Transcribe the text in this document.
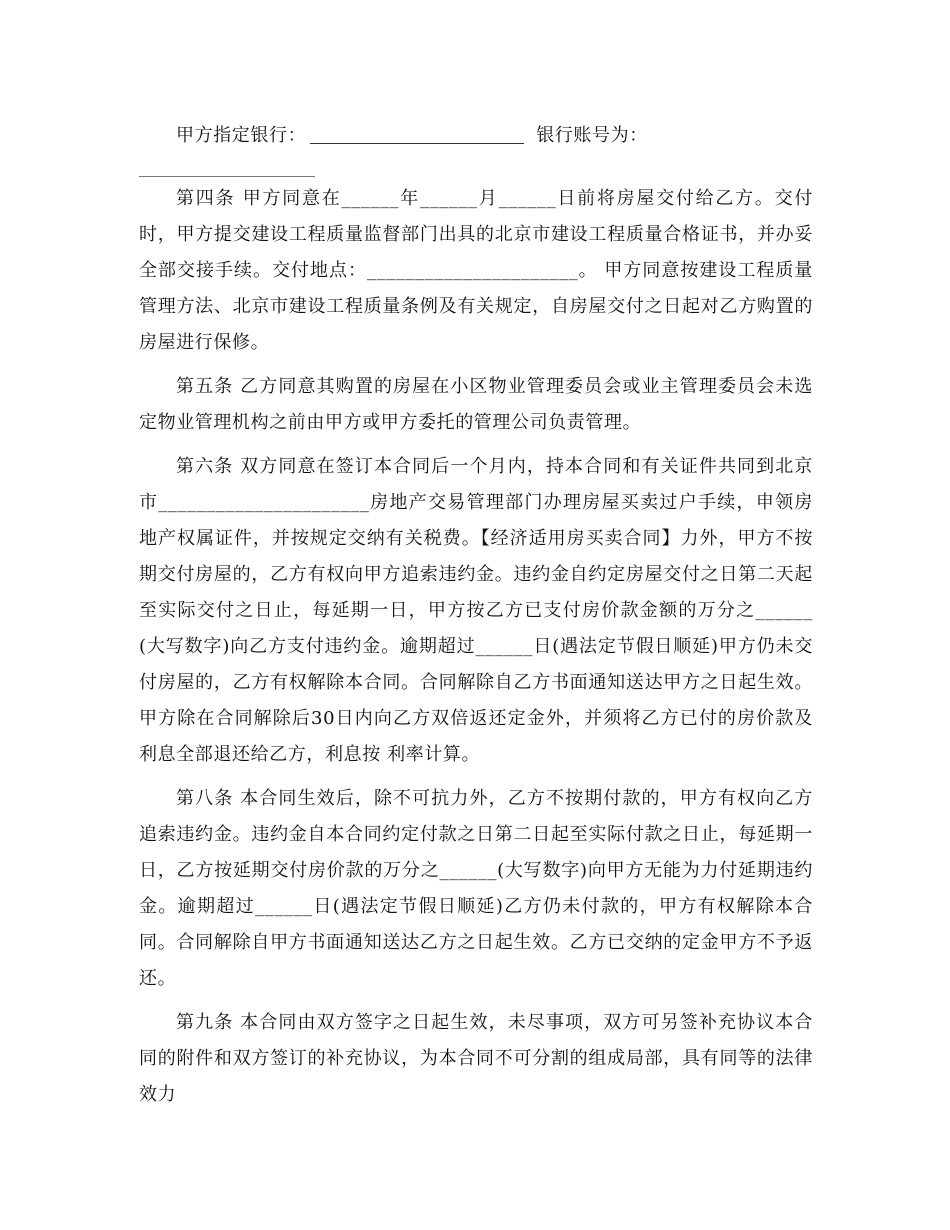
甲方指定银行：	银行账号为：

第四条 甲方同意在______年______月______日前将房屋交付给乙方。交付时，甲方提交建设工程质量监督部门出具的北京市建设工程质量合格证书，并办妥全部交接手续。交付地点：______________________。 甲方同意按建设工程质量管理方法、北京市建设工程质量条例及有关规定，自房屋交付之日起对乙方购置的房屋进行保修。

第五条 乙方同意其购置的房屋在小区物业管理委员会或业主管理委员会未选定物业管理机构之前由甲方或甲方委托的管理公司负责管理。

第六条 双方同意在签订本合同后一个月内，持本合同和有关证件共同到北京市______________________房地产交易管理部门办理房屋买卖过户手续，申领房地产权属证件，并按规定交纳有关税费。【经济适用房买卖合同】力外，甲方不按期交付房屋的，乙方有权向甲方追索违约金。违约金自约定房屋交付之日第二天起至实际交付之日止，每延期一日，甲方按乙方已支付房价款金额的万分之______(大写数字)向乙方支付违约金。逾期超过______日(遇法定节假日顺延)甲方仍未交付房屋的，乙方有权解除本合同。合同解除自乙方书面通知送达甲方之日起生效。甲方除在合同解除后30日内向乙方双倍返还定金外，并须将乙方已付的房价款及利息全部退还给乙方，利息按 利率计算。

第八条 本合同生效后，除不可抗力外，乙方不按期付款的，甲方有权向乙方追索违约金。违约金自本合同约定付款之日第二日起至实际付款之日止，每延期一日，乙方按延期交付房价款的万分之______(大写数字)向甲方无能为力付延期违约金。逾期超过______日(遇法定节假日顺延)乙方仍未付款的，甲方有权解除本合同。合同解除自甲方书面通知送达乙方之日起生效。乙方已交纳的定金甲方不予返还。

第九条 本合同由双方签字之日起生效，未尽事项，双方可另签补充协议本合同的附件和双方签订的补充协议，为本合同不可分割的组成局部，具有同等的法律效力
